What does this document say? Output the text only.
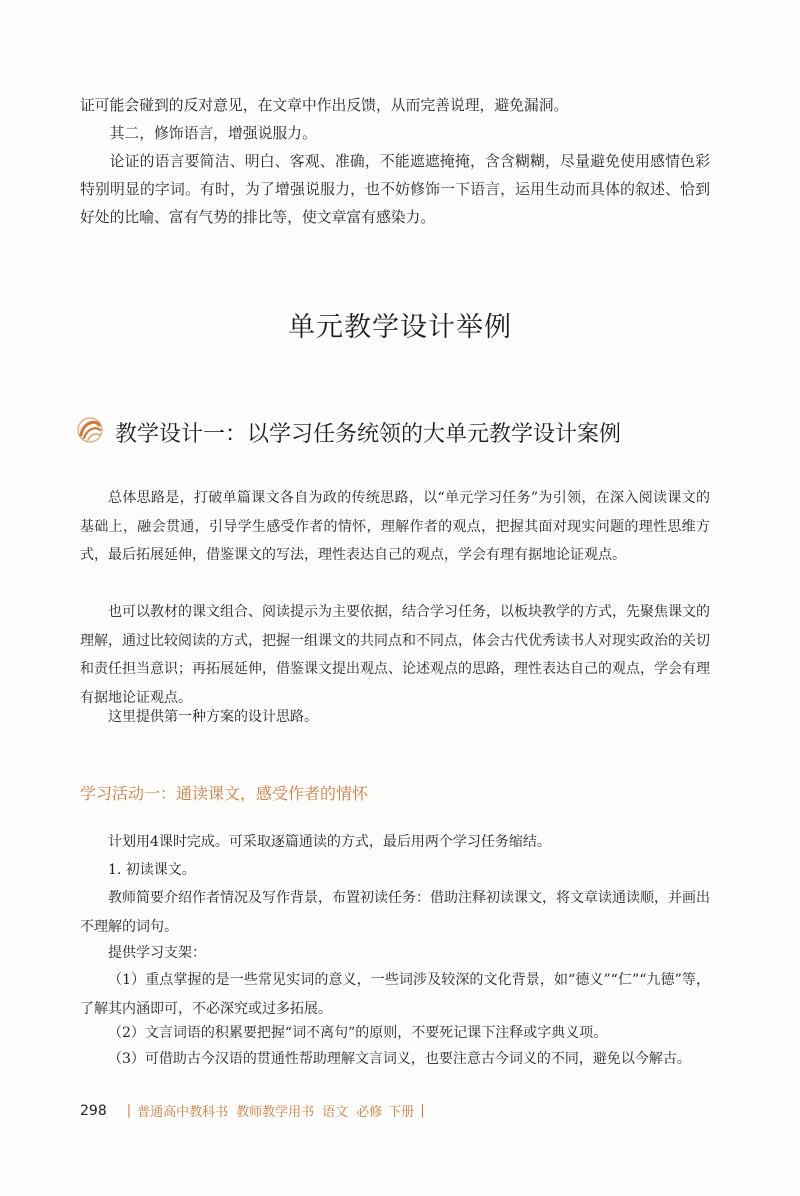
证可能会碰到的反对意见，在文章中作出反馈，从而完善说理，避免漏洞。

其二，修饰语言，增强说服力。

论证的语言要简洁、明白、客观、准确，不能遮遮掩掩，含含糊糊，尽量避免使用感情色彩特别明显的字词。有时，为了增强说服力，也不妨修饰一下语言，运用生动而具体的叙述、恰到好处的比喻、富有气势的排比等，使文章富有感染力。

单元教学设计举例
教学设计一：以学习任务统领的大单元教学设计案例

总体思路是，打破单篇课文各自为政的传统思路，以“单元学习任务”为引领，在深入阅读课文的基础上，融会贯通，引导学生感受作者的情怀，理解作者的观点，把握其面对现实问题的理性思维方式，最后拓展延伸，借鉴课文的写法，理性表达自己的观点，学会有理有据地论证观点。

也可以教材的课文组合、阅读提示为主要依据，结合学习任务，以板块教学的方式，先聚焦课文的理解，通过比较阅读的方式，把握一组课文的共同点和不同点，体会古代优秀读书人对现实政治的关切和责任担当意识；再拓展延伸，借鉴课文提出观点、论述观点的思路，理性表达自己的观点，学会有理有据地论证观点。

这里提供第一种方案的设计思路。

学习活动一：通读课文，感受作者的情怀

计划用4课时完成。可采取逐篇通读的方式，最后用两个学习任务缩结。

1. 初读课文。

教师简要介绍作者情况及写作背景，布置初读任务：借助注释初读课文，将文章读通读顺，并画出不理解的词句。

提供学习支架：

（1）重点掌握的是一些常见实词的意义，一些词涉及较深的文化背景，如“德义”“仁”“九德”等，了解其内涵即可，不必深究或过多拓展。

（2）文言词语的积累要把握“词不离句”的原则，不要死记课下注释或字典义项。

（3）可借助古今汉语的贯通性帮助理解文言词义，也要注意古今词义的不同，避免以今解古。

298 | 普通高中教科书 教师教学用书 语文 必修 下册 |
